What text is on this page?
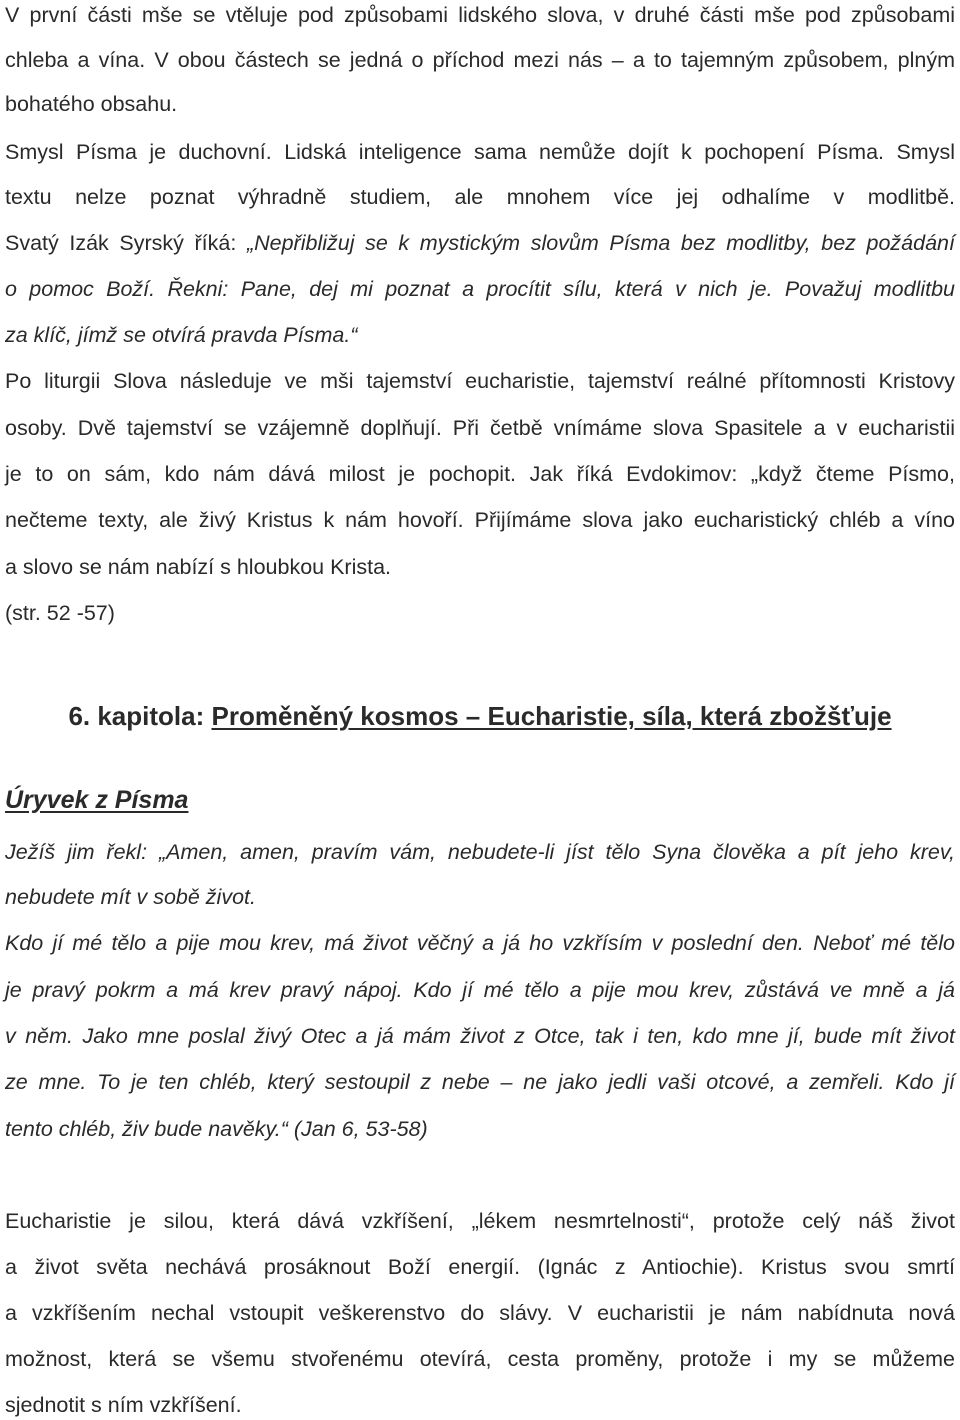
V první části mše se vtěluje pod způsobami lidského slova, v druhé části mše pod způsobami

chleba a vína. V obou částech se jedná o příchod mezi nás – a to tajemným způsobem, plným

bohatého obsahu.

Smysl Písma je duchovní. Lidská inteligence sama nemůže dojít k pochopení Písma. Smysl

textu nelze poznat výhradně studiem, ale mnohem více jej odhalíme v modlitbě.

Svatý Izák Syrský říká: „Nepřibližuj se k mystickým slovům Písma bez modlitby, bez požádání

o pomoc Boží. Řekni: Pane, dej mi poznat a procítit sílu, která v nich je. Považuj modlitbu

za klíč, jímž se otvírá pravda Písma.“

Po liturgii Slova následuje ve mši tajemství eucharistie, tajemství reálné přítomnosti Kristovy

osoby. Dvě tajemství se vzájemně doplňují. Při četbě vnímáme slova Spasitele a v eucharistii

je to on sám, kdo nám dává milost je pochopit. Jak říká Evdokimov: „když čteme Písmo,

nečteme texty, ale živý Kristus k nám hovoří. Přijímáme slova jako eucharistický chléb a víno

a slovo se nám nabízí s hloubkou Krista.

(str. 52 -57)

6. kapitola: Proměněný kosmos – Eucharistie, síla, která zbožšťuje
Úryvek z Písma

Ježíš jim řekl: „Amen, amen, pravím vám, nebudete-li jíst tělo Syna člověka a pít jeho krev,

nebudete mít v sobě život.

Kdo jí mé tělo a pije mou krev, má život věčný a já ho vzkřísím v poslední den. Neboť mé tělo

je pravý pokrm a má krev pravý nápoj. Kdo jí mé tělo a pije mou krev, zůstává ve mně a já

v něm. Jako mne poslal živý Otec a já mám život z Otce, tak i ten, kdo mne jí, bude mít život

ze mne. To je ten chléb, který sestoupil z nebe – ne jako jedli vaši otcové, a zemřeli. Kdo jí

tento chléb, živ bude navěky.“ (Jan 6, 53-58)

Eucharistie je silou, která dává vzkříšení, „lékem nesmrtelnosti“, protože celý náš život

a život světa nechává prosáknout Boží energií. (Ignác z Antiochie). Kristus svou smrtí

a vzkříšením nechal vstoupit veškerenstvo do slávy. V eucharistii je nám nabídnuta nová

možnost, která se všemu stvořenému otevírá, cesta proměny, protože i my se můžeme

sjednotit s ním vzkříšení.
